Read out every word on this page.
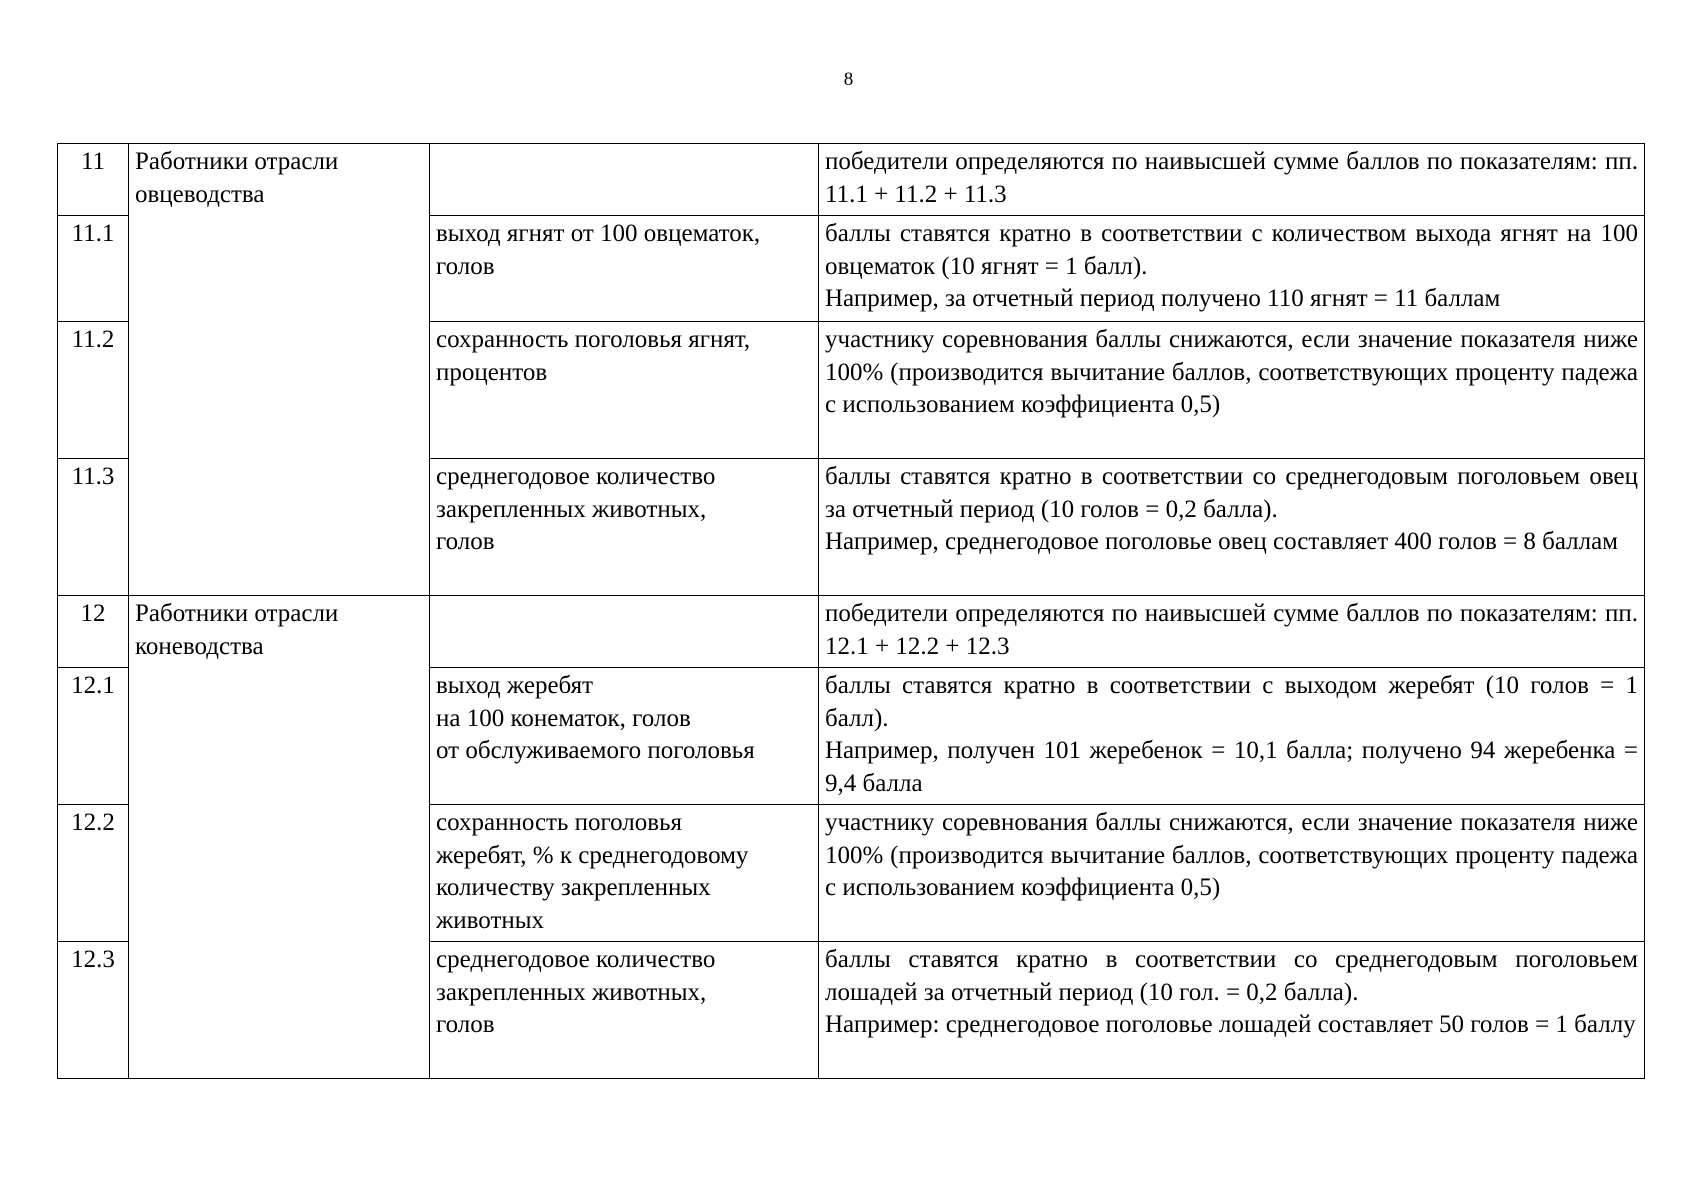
8
11	Работники отрасли
овцеводства		победители определяются по наивысшей сумме баллов по показателям: пп. 11.1 + 11.2 + 11.3

11.1		выход ягнят от 100 овцематок,
голов	баллы ставятся кратно в соответствии с количеством выхода ягнят на 100 овцематок (10 ягнят = 1 балл).
Например, за отчетный период получено 110 ягнят = 11 баллам

11.2		сохранность поголовья ягнят,
процентов	участнику соревнования баллы снижаются, если значение показателя ниже 100% (производится вычитание баллов, соответствующих проценту падежа с использованием коэффициента 0,5)

11.3		среднегодовое количество
закрепленных животных,
голов	баллы ставятся кратно в соответствии со среднегодовым поголовьем овец за отчетный период (10 голов = 0,2 балла).
Например, среднегодовое поголовье овец составляет 400 голов = 8 баллам

12	Работники отрасли
коневодства		победители определяются по наивысшей сумме баллов по показателям: пп. 12.1 + 12.2 + 12.3

12.1		выход жеребят
на 100 конематок, голов
от обслуживаемого поголовья	баллы ставятся кратно в соответствии с выходом жеребят (10 голов = 1 балл).
Например, получен 101 жеребенок = 10,1 балла; получено 94 жеребенка = 9,4 балла

12.2		сохранность поголовья
жеребят, % к среднегодовому
количеству закрепленных
животных	участнику соревнования баллы снижаются, если значение показателя ниже 100% (производится вычитание баллов, соответствующих проценту падежа с использованием коэффициента 0,5)

12.3		среднегодовое количество
закрепленных животных,
голов	баллы ставятся кратно в соответствии со среднегодовым поголовьем лошадей за отчетный период (10 гол. = 0,2 балла).
Например: среднегодовое поголовье лошадей составляет 50 голов = 1 баллу
